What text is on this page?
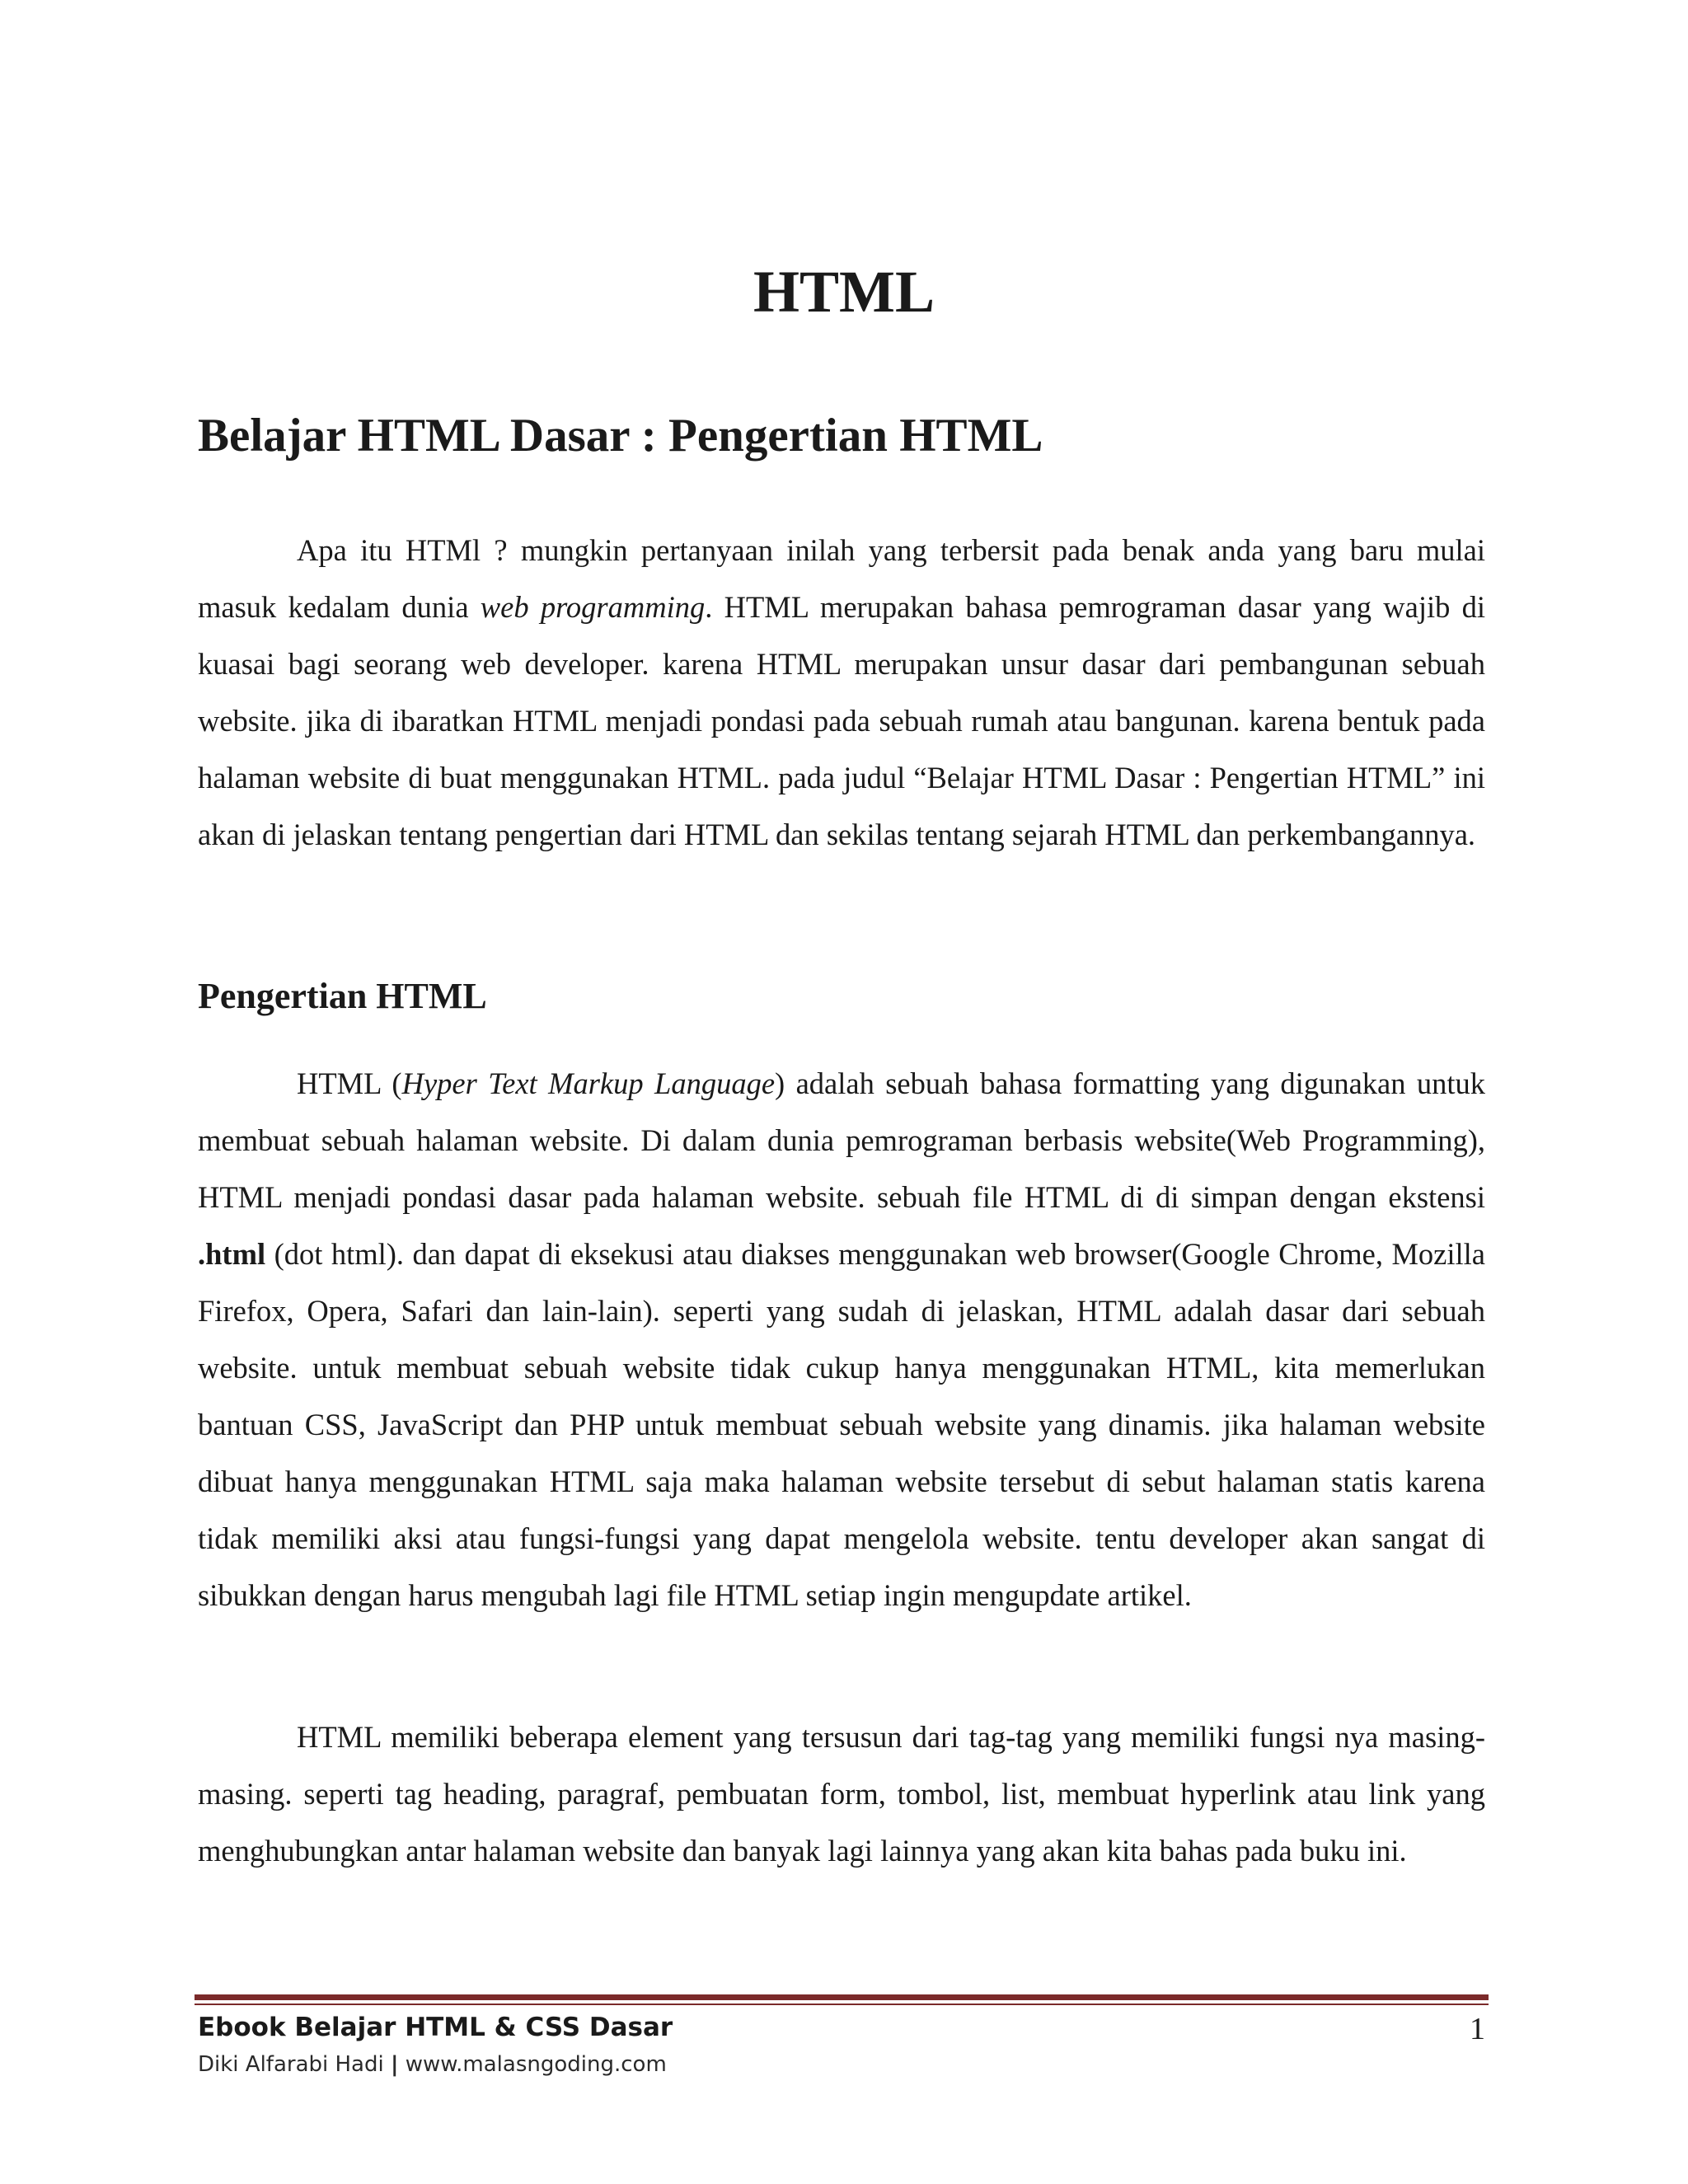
HTML
Belajar HTML Dasar : Pengertian HTML

Apa itu HTMl ? mungkin pertanyaan inilah yang terbersit pada benak anda yang baru mulai masuk kedalam dunia web programming. HTML merupakan bahasa pemrograman dasar yang wajib di kuasai bagi seorang web developer. karena HTML merupakan unsur dasar dari pembangunan sebuah website. jika di ibaratkan HTML menjadi pondasi pada sebuah rumah atau bangunan. karena bentuk pada halaman website di buat menggunakan HTML. pada judul “Belajar HTML Dasar : Pengertian HTML” ini akan di jelaskan tentang pengertian dari HTML dan sekilas tentang sejarah HTML dan perkembangannya.

Pengertian HTML

HTML (Hyper Text Markup Language) adalah sebuah bahasa formatting yang digunakan untuk membuat sebuah halaman website. Di dalam dunia pemrograman berbasis website(Web Programming), HTML menjadi pondasi dasar pada halaman website. sebuah file HTML di di simpan dengan ekstensi .html (dot html). dan dapat di eksekusi atau diakses menggunakan web browser(Google Chrome, Mozilla Firefox, Opera, Safari dan lain-lain). seperti yang sudah di jelaskan, HTML adalah dasar dari sebuah website. untuk membuat sebuah website tidak cukup hanya menggunakan HTML, kita memerlukan bantuan CSS, JavaScript dan PHP untuk membuat sebuah website yang dinamis. jika halaman website dibuat hanya menggunakan HTML saja maka halaman website tersebut di sebut halaman statis karena tidak memiliki aksi atau fungsi-fungsi yang dapat mengelola website. tentu developer akan sangat di sibukkan dengan harus mengubah lagi file HTML setiap ingin mengupdate artikel.

HTML memiliki beberapa element yang tersusun dari tag-tag yang memiliki fungsi nya masing-masing. seperti tag heading, paragraf, pembuatan form, tombol, list, membuat hyperlink atau link yang menghubungkan antar halaman website dan banyak lagi lainnya yang akan kita bahas pada buku ini.

Ebook Belajar HTML & CSS Dasar	1
Diki Alfarabi Hadi | www.malasngoding.com
